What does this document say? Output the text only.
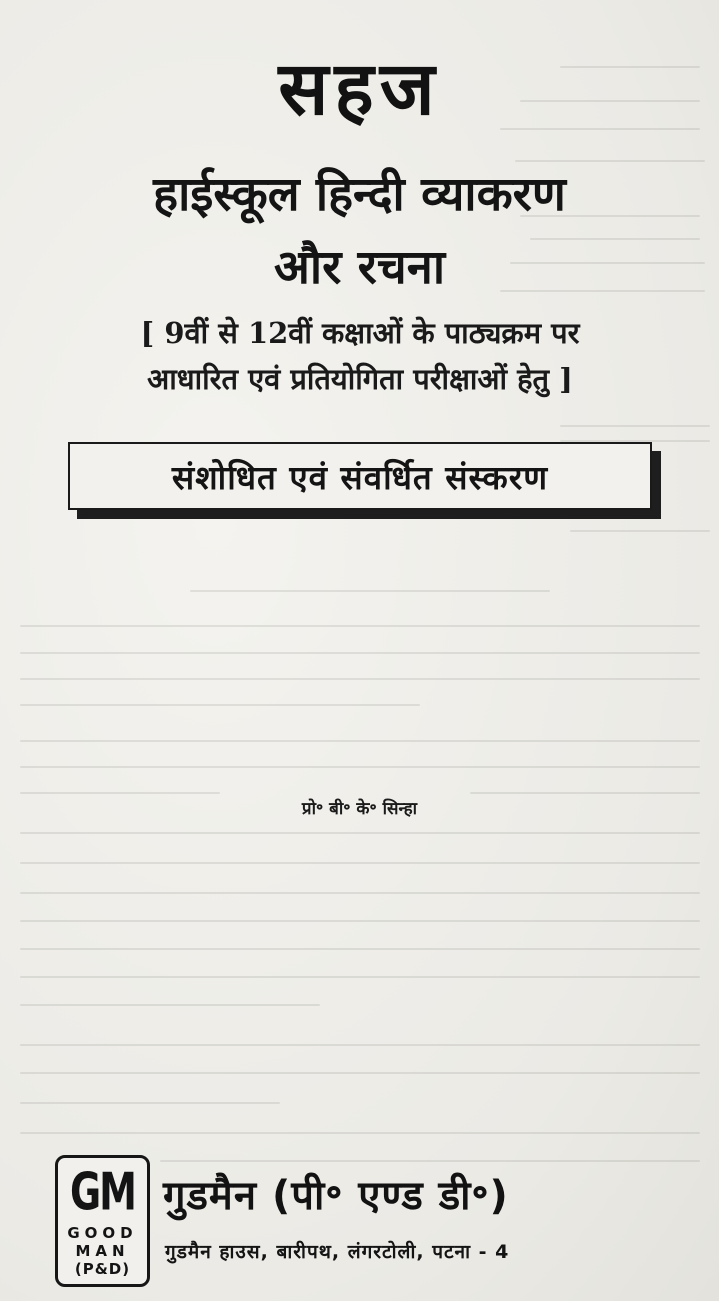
सहज
हाईस्कूल हिन्दी व्याकरण
और रचना
[ 9वीं से 12वीं कक्षाओं के पाठ्यक्रम पर
आधारित एवं प्रतियोगिता परीक्षाओं हेतु ]
संशोधित एवं संवर्धित संस्करण
प्रो॰ बी॰ के॰ सिन्हा
GM
GOOD
MAN
(P&D)
गुडमैन (पी॰ एण्ड डी॰)
गुडमैन हाउस, बारीपथ, लंगरटोली, पटना - 4
